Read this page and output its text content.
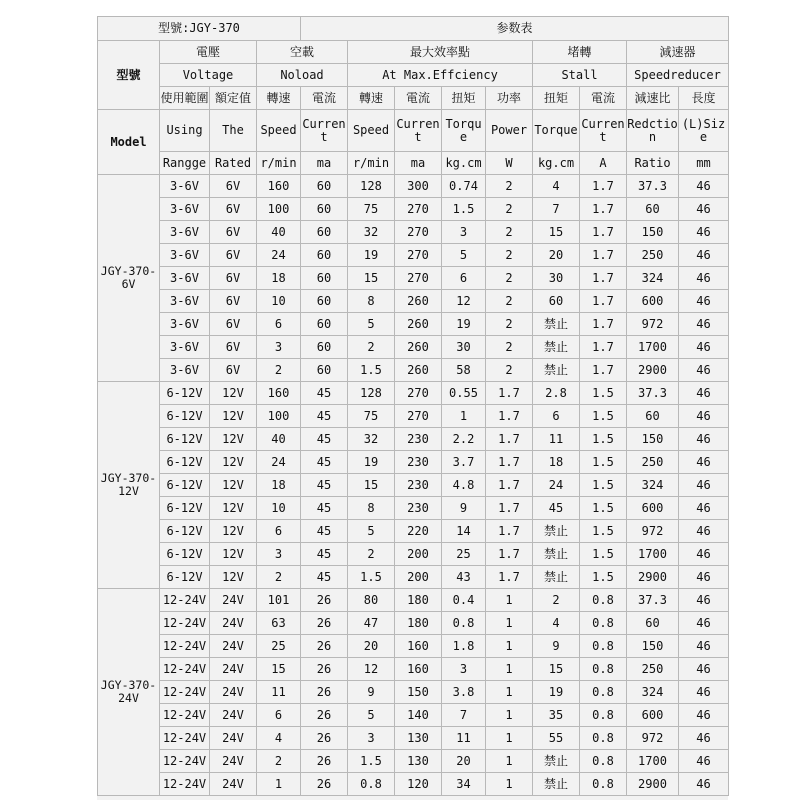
型號:JGY-370				参数表								
型號	電壓		空載		最大效率點				堵轉		減速器	
	Voltage		Noload		At Max.Effciency				Stall		Speedreducer	
	使用範圍	額定值	轉速	電流	轉速	電流	扭矩	功率	扭矩	電流	減速比	長度
Model	Using	The	Speed	Current	Speed	Current	Torque	Power	Torque	Current	Redction	(L)Size
	Rangge	Rated	r/min	ma	r/min	ma	kg.cm	W	kg.cm	A	Ratio	mm
JGY-370-6V	3-6V	6V	160	60	128	300	0.74	2	4	1.7	37.3	46
	3-6V	6V	100	60	75	270	1.5	2	7	1.7	60	46
	3-6V	6V	40	60	32	270	3	2	15	1.7	150	46
	3-6V	6V	24	60	19	270	5	2	20	1.7	250	46
	3-6V	6V	18	60	15	270	6	2	30	1.7	324	46
	3-6V	6V	10	60	8	260	12	2	60	1.7	600	46
	3-6V	6V	6	60	5	260	19	2	禁止	1.7	972	46
	3-6V	6V	3	60	2	260	30	2	禁止	1.7	1700	46
	3-6V	6V	2	60	1.5	260	58	2	禁止	1.7	2900	46
JGY-370-12V	6-12V	12V	160	45	128	270	0.55	1.7	2.8	1.5	37.3	46
	6-12V	12V	100	45	75	270	1	1.7	6	1.5	60	46
	6-12V	12V	40	45	32	230	2.2	1.7	11	1.5	150	46
	6-12V	12V	24	45	19	230	3.7	1.7	18	1.5	250	46
	6-12V	12V	18	45	15	230	4.8	1.7	24	1.5	324	46
	6-12V	12V	10	45	8	230	9	1.7	45	1.5	600	46
	6-12V	12V	6	45	5	220	14	1.7	禁止	1.5	972	46
	6-12V	12V	3	45	2	200	25	1.7	禁止	1.5	1700	46
	6-12V	12V	2	45	1.5	200	43	1.7	禁止	1.5	2900	46
JGY-370-24V	12-24V	24V	101	26	80	180	0.4	1	2	0.8	37.3	46
	12-24V	24V	63	26	47	180	0.8	1	4	0.8	60	46
	12-24V	24V	25	26	20	160	1.8	1	9	0.8	150	46
	12-24V	24V	15	26	12	160	3	1	15	0.8	250	46
	12-24V	24V	11	26	9	150	3.8	1	19	0.8	324	46
	12-24V	24V	6	26	5	140	7	1	35	0.8	600	46
	12-24V	24V	4	26	3	130	11	1	55	0.8	972	46
	12-24V	24V	2	26	1.5	130	20	1	禁止	0.8	1700	46
	12-24V	24V	1	26	0.8	120	34	1	禁止	0.8	2900	46
